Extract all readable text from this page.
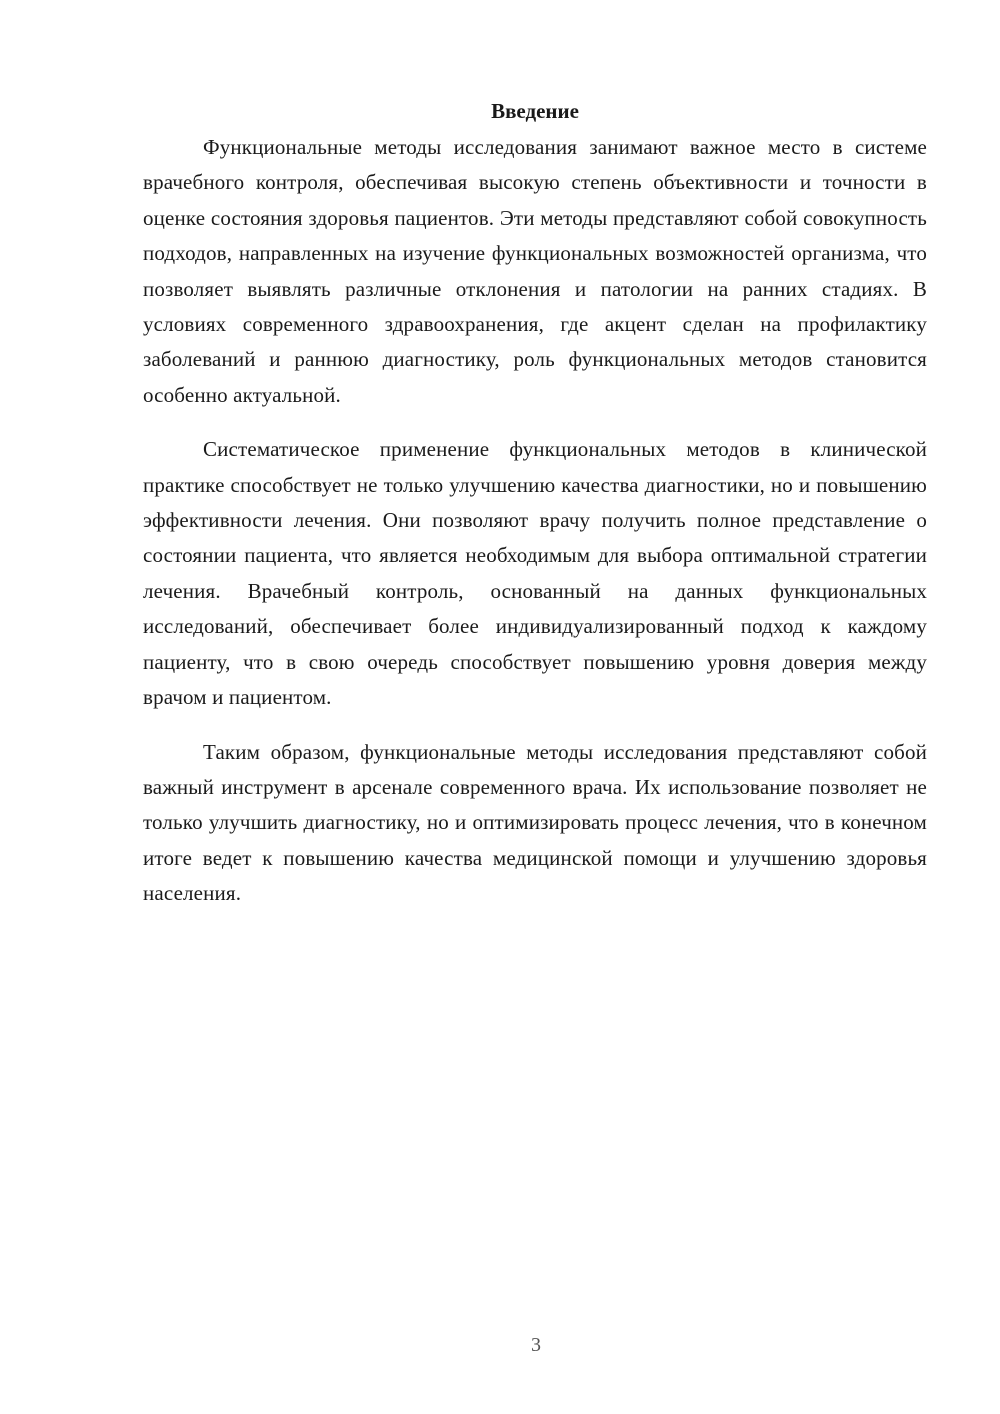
Введение

Функциональные методы исследования занимают важное место в системе врачебного контроля, обеспечивая высокую степень объективности и точности в оценке состояния здоровья пациентов. Эти методы представляют собой совокупность подходов, направленных на изучение функциональных возможностей организма, что позволяет выявлять различные отклонения и патологии на ранних стадиях. В условиях современного здравоохранения, где акцент сделан на профилактику заболеваний и раннюю диагностику, роль функциональных методов становится особенно актуальной.

Систематическое применение функциональных методов в клинической практике способствует не только улучшению качества диагностики, но и повышению эффективности лечения. Они позволяют врачу получить полное представление о состоянии пациента, что является необходимым для выбора оптимальной стратегии лечения. Врачебный контроль, основанный на данных функциональных исследований, обеспечивает более индивидуализированный подход к каждому пациенту, что в свою очередь способствует повышению уровня доверия между врачом и пациентом.

Таким образом, функциональные методы исследования представляют собой важный инструмент в арсенале современного врача. Их использование позволяет не только улучшить диагностику, но и оптимизировать процесс лечения, что в конечном итоге ведет к повышению качества медицинской помощи и улучшению здоровья населения.

3
